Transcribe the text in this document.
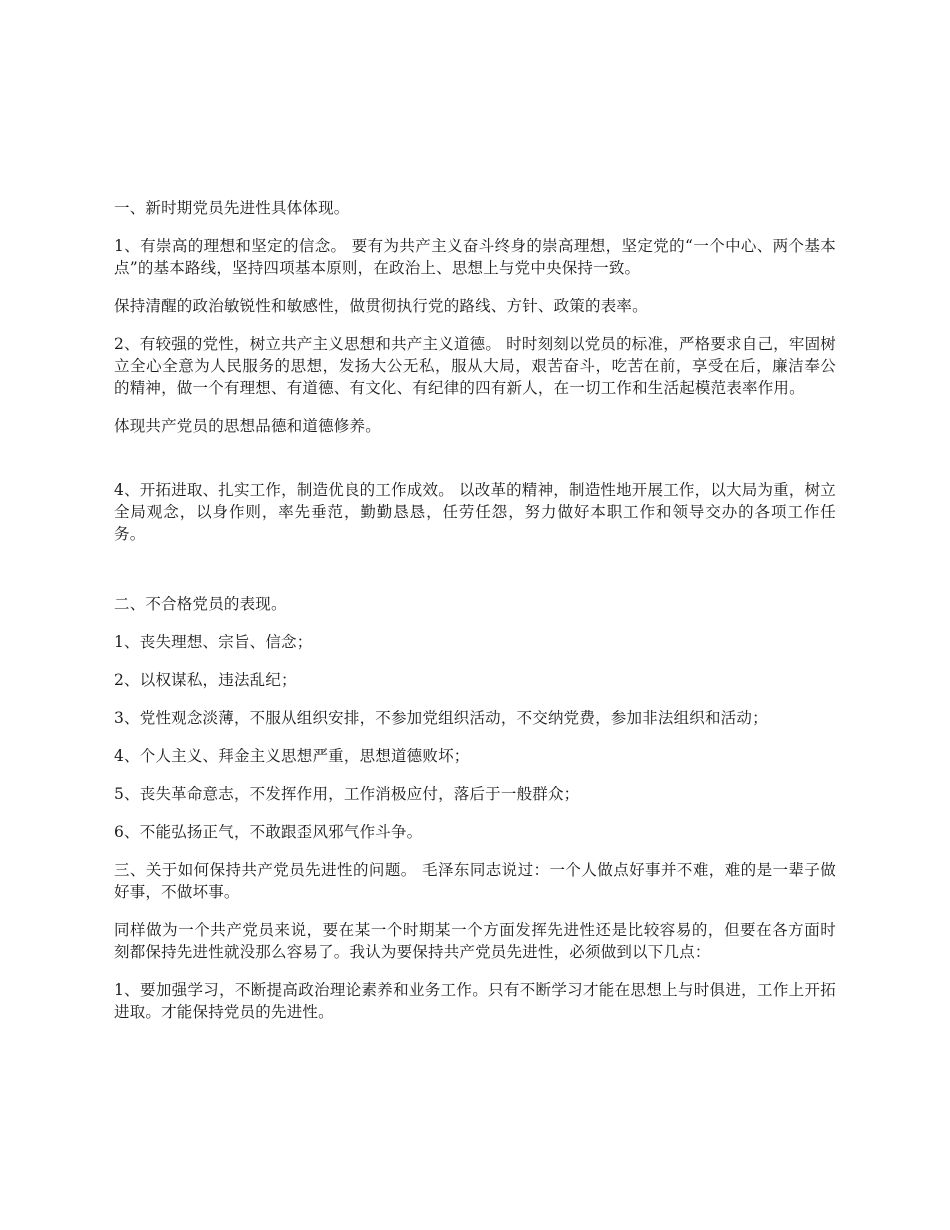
一、新时期党员先进性具体体现。

1、有崇高的理想和坚定的信念。 要有为共产主义奋斗终身的崇高理想，坚定党的“一个中心、两个基本点”的基本路线，坚持四项基本原则，在政治上、思想上与党中央保持一致。

保持清醒的政治敏锐性和敏感性，做贯彻执行党的路线、方针、政策的表率。

2、有较强的党性，树立共产主义思想和共产主义道德。 时时刻刻以党员的标准，严格要求自己，牢固树立全心全意为人民服务的思想，发扬大公无私，服从大局，艰苦奋斗，吃苦在前，享受在后，廉洁奉公的精神，做一个有理想、有道德、有文化、有纪律的四有新人，在一切工作和生活起模范表率作用。

体现共产党员的思想品德和道德修养。

4、开拓进取、扎实工作，制造优良的工作成效。 以改革的精神，制造性地开展工作，以大局为重，树立全局观念，以身作则，率先垂范，勤勤恳恳，任劳任怨，努力做好本职工作和领导交办的各项工作任务。

二、不合格党员的表现。

1、丧失理想、宗旨、信念；

2、以权谋私，违法乱纪；

3、党性观念淡薄，不服从组织安排，不参加党组织活动，不交纳党费，参加非法组织和活动；

4、个人主义、拜金主义思想严重，思想道德败坏；

5、丧失革命意志，不发挥作用，工作消极应付，落后于一般群众；

6、不能弘扬正气，不敢跟歪风邪气作斗争。

三、关于如何保持共产党员先进性的问题。 毛泽东同志说过：一个人做点好事并不难，难的是一辈子做好事，不做坏事。

同样做为一个共产党员来说，要在某一个时期某一个方面发挥先进性还是比较容易的，但要在各方面时刻都保持先进性就没那么容易了。我认为要保持共产党员先进性，必须做到以下几点：

1、要加强学习，不断提高政治理论素养和业务工作。只有不断学习才能在思想上与时俱进，工作上开拓进取。才能保持党员的先进性。
